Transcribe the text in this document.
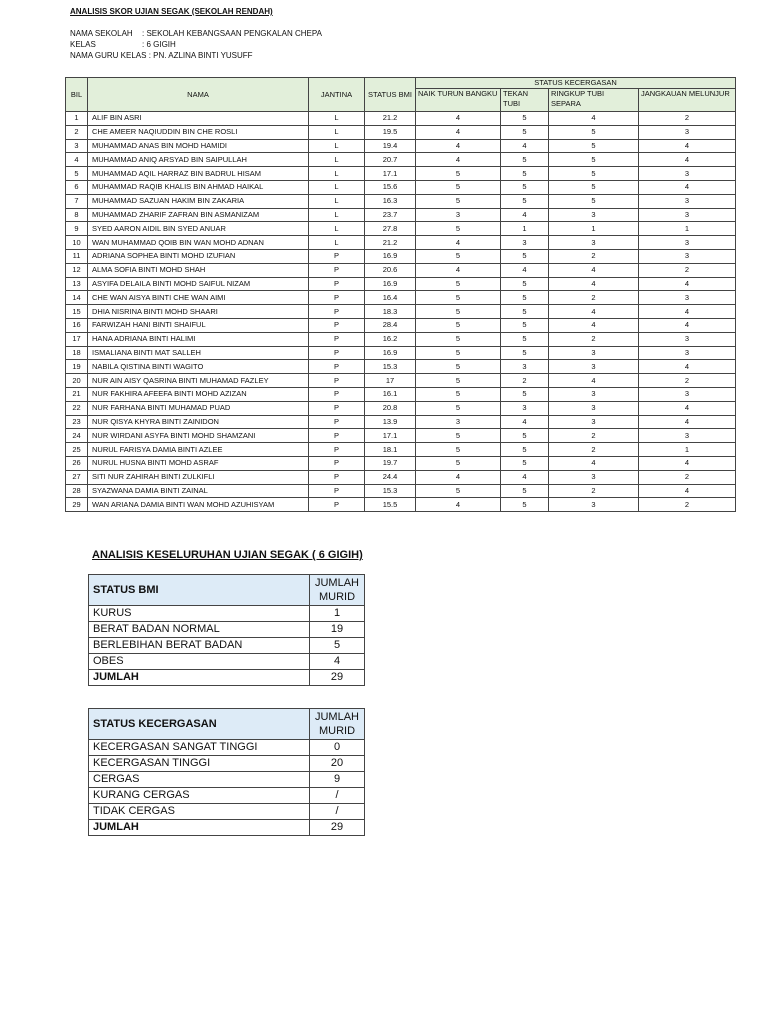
ANALISIS SKOR UJIAN SEGAK (SEKOLAH RENDAH)
NAMA SEKOLAH	: SEKOLAH KEBANGSAAN PENGKALAN CHEPA
KELAS	: 6 GIGIH
NAMA GURU KELAS : PN. AZLINA BINTI YUSUFF
BIL	NAMA	JANTINA	STATUS BMI	STATUS KECERGASAN			
				NAIK TURUN BANGKU	TEKAN TUBI	RINGKUP TUBI SEPARA	JANGKAUAN MELUNJUR
1	ALIF BIN ASRI	L	21.2	4	5	4	2
2	CHE AMEER NAQIUDDIN BIN CHE ROSLI	L	19.5	4	5	5	3
3	MUHAMMAD ANAS BIN MOHD HAMIDI	L	19.4	4	4	5	4
4	MUHAMMAD ANIQ ARSYAD BIN SAIPULLAH	L	20.7	4	5	5	4
5	MUHAMMAD AQIL HARRAZ BIN BADRUL HISAM	L	17.1	5	5	5	3
6	MUHAMMAD RAQIB KHALIS BIN AHMAD HAIKAL	L	15.6	5	5	5	4
7	MUHAMMAD SAZUAN HAKIM BIN ZAKARIA	L	16.3	5	5	5	3
8	MUHAMMAD ZHARIF ZAFRAN BIN ASMANIZAM	L	23.7	3	4	3	3
9	SYED AARON AIDIL BIN SYED ANUAR	L	27.8	5	1	1	1
10	WAN MUHAMMAD QOIB BIN WAN MOHD ADNAN	L	21.2	4	3	3	3
11	ADRIANA SOPHEA BINTI MOHD IZUFIAN	P	16.9	5	5	2	3
12	ALMA SOFIA BINTI MOHD SHAH	P	20.6	4	4	4	2
13	ASYIFA DELAILA BINTI MOHD SAIFUL NIZAM	P	16.9	5	5	4	4
14	CHE WAN AISYA BINTI CHE WAN AIMI	P	16.4	5	5	2	3
15	DHIA NISRINA BINTI MOHD SHAARI	P	18.3	5	5	4	4
16	FARWIZAH HANI BINTI SHAIFUL	P	28.4	5	5	4	4
17	HANA ADRIANA BINTI HALIMI	P	16.2	5	5	2	3
18	ISMALIANA BINTI MAT SALLEH	P	16.9	5	5	3	3
19	NABILA QISTINA BINTI WAGITO	P	15.3	5	3	3	4
20	NUR AIN AISY QASRINA BINTI MUHAMAD FAZLEY	P	17	5	2	4	2
21	NUR FAKHIRA AFEEFA BINTI MOHD AZIZAN	P	16.1	5	5	3	3
22	NUR FARHANA BINTI MUHAMAD PUAD	P	20.8	5	3	3	4
23	NUR QISYA KHYRA BINTI ZAINIDON	P	13.9	3	4	3	4
24	NUR WIRDANI ASYFA BINTI MOHD SHAMZANI	P	17.1	5	5	2	3
25	NURUL FARISYA DAMIA BINTI AZLEE	P	18.1	5	5	2	1
26	NURUL HUSNA BINTI MOHD ASRAF	P	19.7	5	5	4	4
27	SITI NUR ZAHIRAH BINTI ZULKIFLI	P	24.4	4	4	3	2
28	SYAZWANA DAMIA BINTI ZAINAL	P	15.3	5	5	2	4
29	WAN ARIANA DAMIA BINTI WAN MOHD AZUHISYAM	P	15.5	4	5	3	2
ANALISIS KESELURUHAN UJIAN SEGAK ( 6 GIGIH)
STATUS BMI	JUMLAH MURID
KURUS	1
BERAT BADAN NORMAL	19
BERLEBIHAN BERAT BADAN	5
OBES	4
JUMLAH	29
STATUS KECERGASAN	JUMLAH MURID
KECERGASAN SANGAT TINGGI	0
KECERGASAN TINGGI	20
CERGAS	9
KURANG CERGAS	/
TIDAK CERGAS	/
JUMLAH	29
